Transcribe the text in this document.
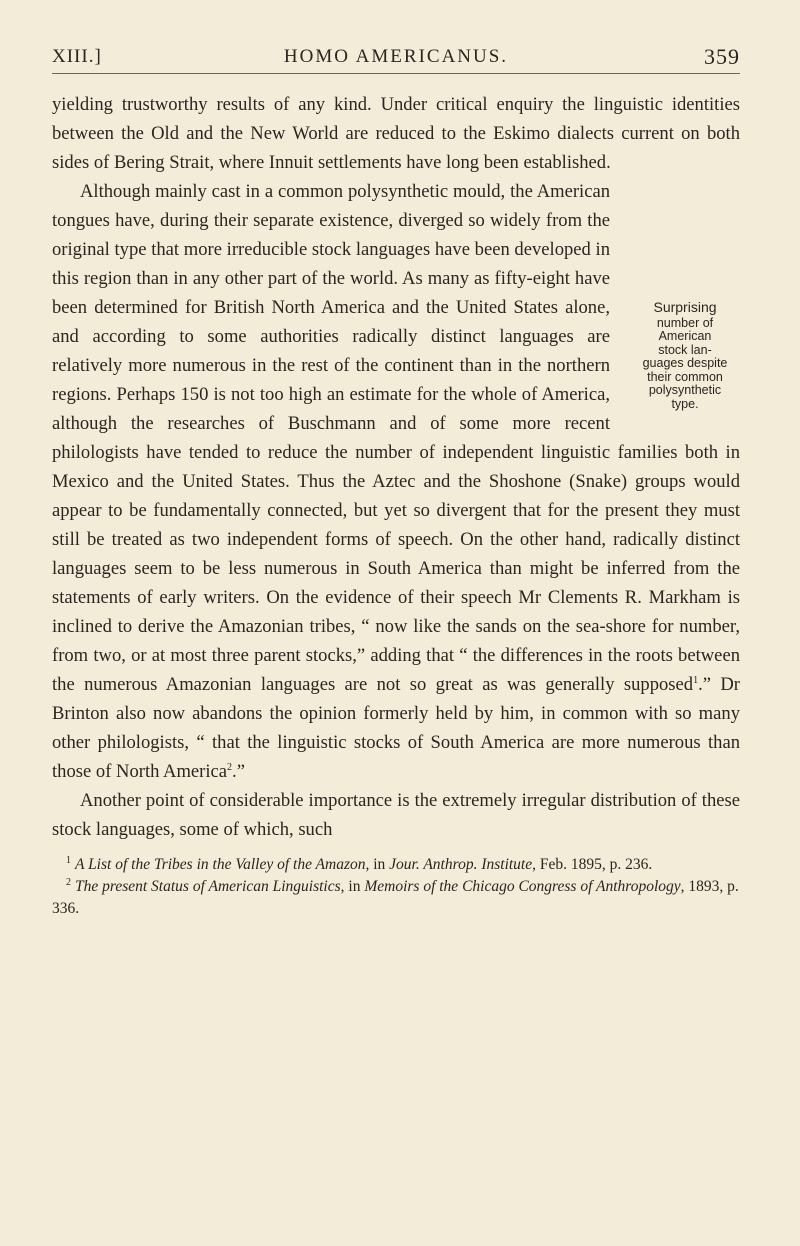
XIII.]	HOMO AMERICANUS.	359

yielding trustworthy results of any kind. Under critical enquiry the linguistic identities between the Old and the New World are reduced to the Eskimo dialects current on both sides of Bering Strait, where Innuit settlements have long been established.

Surprising
number of
American
stock lan-
guages despite
their common
polysynthetic
type.

Although mainly cast in a common polysynthetic mould, the American tongues have, during their separate existence, diverged so widely from the original type that more irreducible stock languages have been developed in this region than in any other part of the world. As many as fifty-eight have been determined for British North America and the United States alone, and according to some authorities radically distinct languages are relatively more numerous in the rest of the continent than in the northern regions. Perhaps 150 is not too high an estimate for the whole of America, although the researches of Buschmann and of some more recent philologists have tended to reduce the number of independent linguistic families both in Mexico and the United States. Thus the Aztec and the Shoshone (Snake) groups would appear to be fundamentally connected, but yet so divergent that for the present they must still be treated as two independent forms of speech. On the other hand, radically distinct languages seem to be less numerous in South America than might be inferred from the statements of early writers. On the evidence of their speech Mr Clements R. Markham is inclined to derive the Amazonian tribes, “ now like the sands on the sea-shore for number, from two, or at most three parent stocks,” adding that “ the differences in the roots between the numerous Amazonian languages are not so great as was generally supposed$^1$.” Dr Brinton also now abandons the opinion formerly held by him, in common with so many other philologists, “ that the linguistic stocks of South America are more numerous than those of North America$^2$.”

Another point of considerable importance is the extremely irregular distribution of these stock languages, some of which, such

$^1$ A List of the Tribes in the Valley of the Amazon, in Jour. Anthrop. Institute, Feb. 1895, p. 236.

$^2$ The present Status of American Linguistics, in Memoirs of the Chicago Congress of Anthropology, 1893, p. 336.
